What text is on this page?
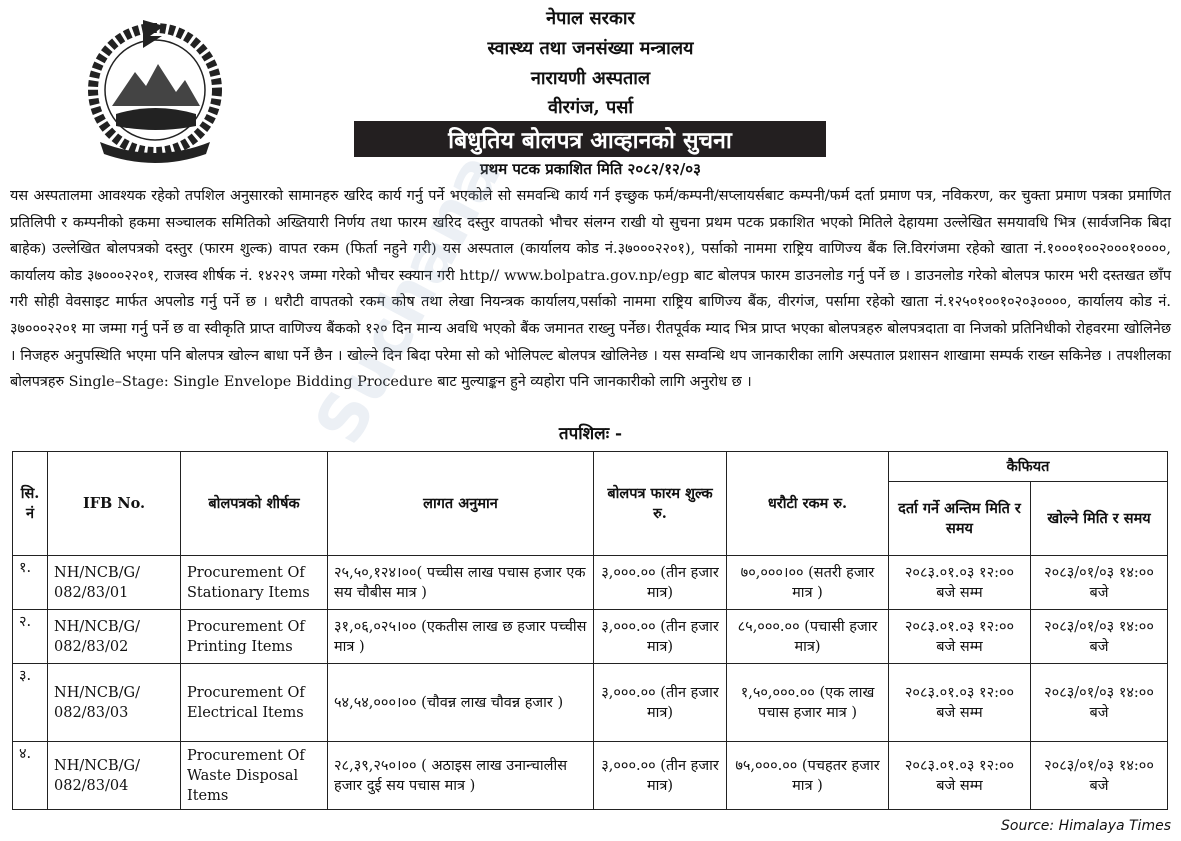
नेपाल सरकार
स्वास्थ्य तथा जनसंख्या मन्त्रालय
नारायणी अस्पताल
वीरगंज, पर्सा
बिधुतिय बोलपत्र आव्हानको सुचना
प्रथम पटक प्रकाशित मिति २०८२/१२/०३

यस अस्पतालमा आवश्यक रहेको तपशिल अनुसारको सामानहरु खरिद कार्य गर्नु पर्ने भएकोले सो समवन्धि कार्य गर्न इच्छुक फर्म/कम्पनी/सप्लायर्सबाट कम्पनी/फर्म दर्ता प्रमाण पत्र, नविकरण, कर चुक्ता प्रमाण पत्रका प्रमाणित प्रतिलिपी र कम्पनीको हकमा सञ्चालक समितिको अख्तियारी निर्णय तथा फारम खरिद दस्तुर वापतको भौचर संलग्न राखी यो सुचना प्रथम पटक प्रकाशित भएको मितिले देहायमा उल्लेखित समयावधि भित्र (सार्वजनिक बिदा बाहेक) उल्लेखित बोलपत्रको दस्तुर (फारम शुल्क) वापत रकम (फिर्ता नहुने गरी) यस अस्पताल (कार्यालय कोड नं.३७०००२२०१), पर्साको नाममा राष्ट्रिय वाणिज्य बैंक लि.विरगंजमा रहेको खाता नं.१०००१००२०००१००००, कार्यालय कोड ३७०००२२०१, राजस्व शीर्षक नं. १४२२९ जम्मा गरेको भौचर स्क्यान गरी http// www.bolpatra.gov.np/egp बाट बोलपत्र फारम डाउनलोड गर्नु पर्ने छ । डाउनलोड गरेको बोलपत्र फारम भरी दस्तखत छाँप गरी सोही वेवसाइट मार्फत अपलोड गर्नु पर्ने छ । धरौटी वापतको रकम कोष तथा लेखा नियन्त्रक कार्यालय,पर्साको नाममा राष्ट्रिय बाणिज्य बैंक, वीरगंज, पर्सामा रहेको खाता नं.१२५०१००१०२०३००००, कार्यालय कोड नं. ३७०००२२०१ मा जम्मा गर्नु पर्ने छ वा स्वीकृति प्राप्त वाणिज्य बैंकको १२० दिन मान्य अवधि भएको बैंक जमानत राख्नु पर्नेछ। रीतपूर्वक म्याद भित्र प्राप्त भएका बोलपत्रहरु बोलपत्रदाता वा निजको प्रतिनिधीको रोहवरमा खोलिनेछ । निजहरु अनुपस्थिति भएमा पनि बोलपत्र खोल्न बाधा पर्ने छैन । खोल्ने दिन बिदा परेमा सो को भोलिपल्ट बोलपत्र खोलिनेछ । यस सम्वन्धि थप जानकारीका लागि अस्पताल प्रशासन शाखामा सम्पर्क राख्न सकिनेछ । तपशीलका बोलपत्रहरु Single–Stage: Single Envelope Bidding Procedure बाट मुल्याङ्कन हुने व्यहोरा पनि जानकारीको लागि अनुरोध छ ।

तपशिलः -
सि. नं	IFB No.	बोलपत्रको शीर्षक	लागत अनुमान	बोलपत्र फारम शुल्क रु.	धरौटी रकम रु.	कैफियत	
						दर्ता गर्ने अन्तिम मिति र समय	खोल्ने मिति र समय
१.	NH/NCB/G/ 082/83/01	Procurement Of Stationary Items	२५,५०,१२४।००( पच्चीस लाख पचास हजार एक सय चौबीस मात्र )	३,०००.०० (तीन हजार मात्र)	७०,०००।०० (सतरी हजार मात्र )	२०८३.०१.०३ १२:०० बजे सम्म	२०८३/०१/०३ १४:०० बजे
२.	NH/NCB/G/ 082/83/02	Procurement Of Printing Items	३१,०६,०२५।०० (एकतीस लाख छ हजार पच्चीस मात्र )	३,०००.०० (तीन हजार मात्र)	८५,०००.०० (पचासी हजार मात्र)	२०८३.०१.०३ १२:०० बजे सम्म	२०८३/०१/०३ १४:०० बजे
३.	NH/NCB/G/ 082/83/03	Procurement Of Electrical Items	५४,५४,०००।०० (चौवन्न लाख चौवन्न हजार )	३,०००.०० (तीन हजार मात्र)	१,५०,०००.०० (एक लाख पचास हजार मात्र )	२०८३.०१.०३ १२:०० बजे सम्म	२०८३/०१/०३ १४:०० बजे
४.	NH/NCB/G/ 082/83/04	Procurement Of Waste Disposal Items	२८,३९,२५०।०० ( अठाइस लाख उनान्चालीस हजार दुई सय पचास मात्र )	३,०००.०० (तीन हजार मात्र)	७५,०००.०० (पचहतर हजार मात्र )	२०८३.०१.०३ १२:०० बजे सम्म	२०८३/०१/०३ १४:०० बजे
Suchana
Source: Himalaya Times
